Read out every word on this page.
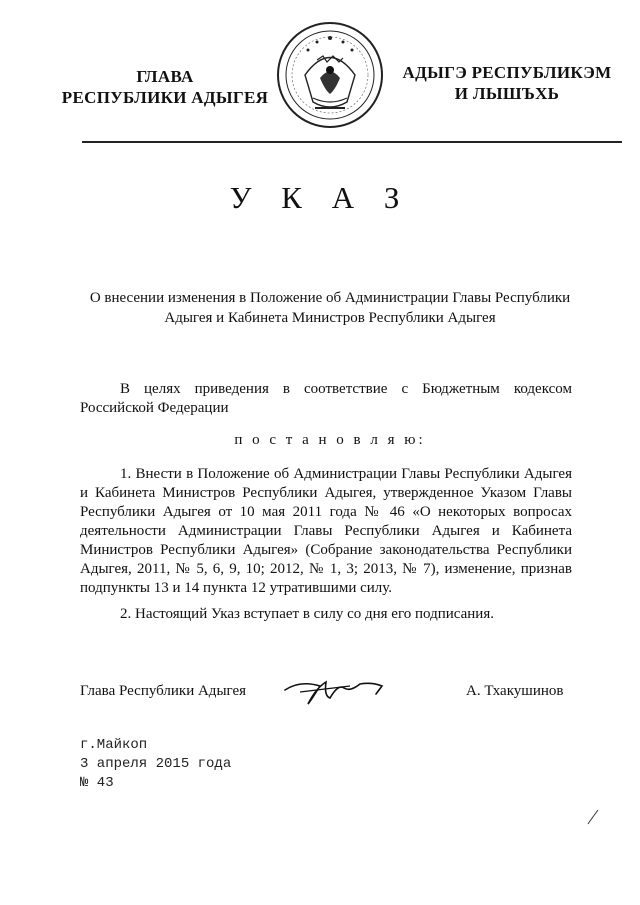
ГЛАВА
РЕСПУБЛИКИ АДЫГЕЯ
АДЫГЭ РЕСПУБЛИКЭМ
И ЛЫШЪХЬ
У К А З
О внесении изменения в Положение об Администрации Главы Республики
Адыгея и Кабинета Министров Республики Адыгея
В целях приведения в соответствие с Бюджетным кодексом Российской Федерации
п о с т а н о в л я ю:
1. Внести в Положение об Администрации Главы Республики Адыгея и Кабинета Министров Республики Адыгея, утвержденное Указом Главы Республики Адыгея от 10 мая 2011 года № 46 «О некоторых вопросах деятельности Администрации Главы Республики Адыгея и Кабинета Министров Республики Адыгея» (Собрание законодательства Республики Адыгея, 2011, № 5, 6, 9, 10; 2012, № 1, 3; 2013, № 7), изменение, признав подпункты 13 и 14 пункта 12 утратившими силу.
2. Настоящий Указ вступает в силу со дня его подписания.
Глава Республики Адыгея	А. Тхакушинов
г.Майкоп
3 апреля 2015 года
№ 43
